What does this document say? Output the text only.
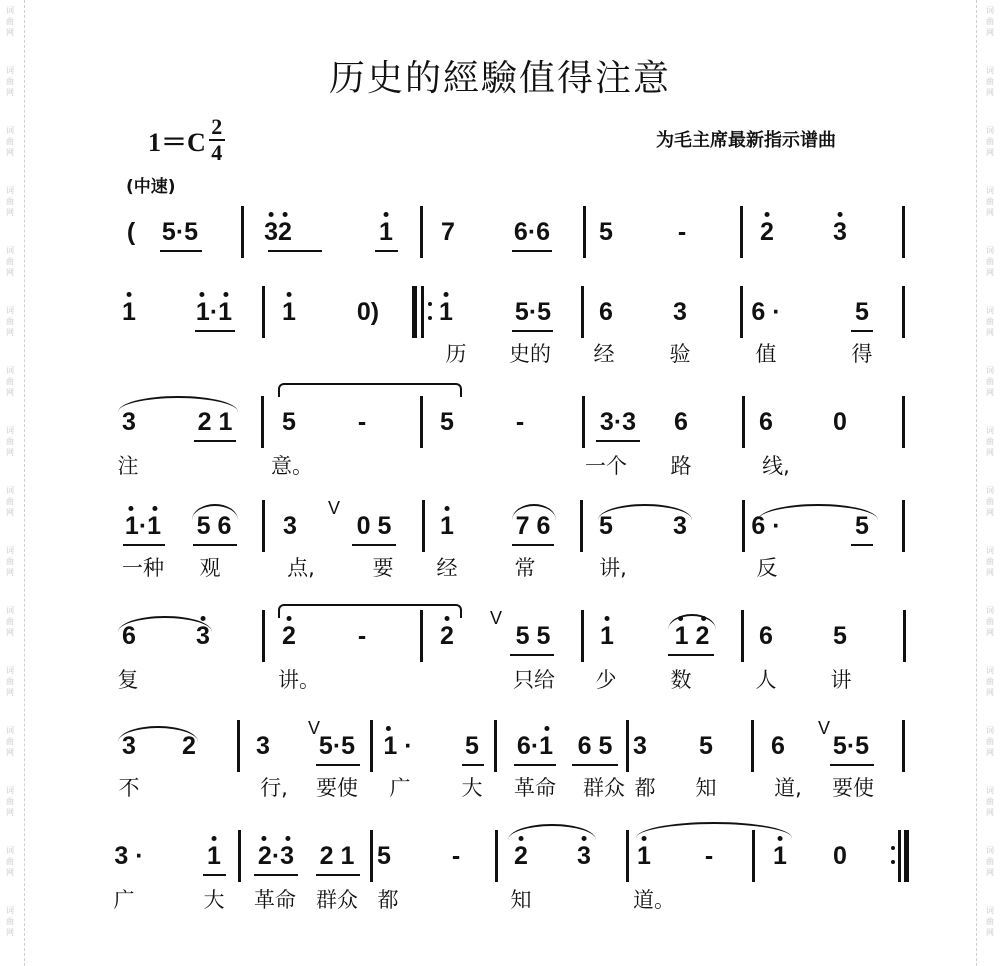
词
曲
网
词
曲
网
词
曲
网
词
曲
网
词
曲
网
词
曲
网
词
曲
网
词
曲
网
词
曲
网
词
曲
网
词
曲
网
词
曲
网
词
曲
网
词
曲
网
词
曲
网
词
曲
网
词
曲
网
词
曲
网
词
曲
网
词
曲
网
词
曲
网
词
曲
网
词
曲
网
词
曲
网
词
曲
网
词
曲
网
词
曲
网
词
曲
网
词
曲
网
词
曲
网
词
曲
网
词
曲
网
历史的經驗值得注意
$1=C \frac{2}{4}$	为毛主席最新指示谱曲
(中速)
( 5·5	32	1 7 6·6 5	-	2 3
1 1·1 1 0) 1 5·5 6 3	6 ·	5
历 史的 经	验	值	得
3 2 1 5 -	5 -	3·3 6	6 0
注	意。	一个 路	线,
1·1 5 6 3 0 5 1 7 6 5 3	6 ·	5
V
一种 观	点,	要 经	常	讲,	反
6 3	2 -	2 5 5 1 1 2 6 5
V
复	讲。	只给 少	数	人	讲
3 2 3 5·5 1 · 5 6·1 6 5 3 5 6 5·5
V	V
不	行, 要使 广 大 革命 群众 都 知	道, 要使
3 ·	1 2·3 2 1 5 - 2 3 1 - 1 0
广	大 革命 群众 都	知	道。
